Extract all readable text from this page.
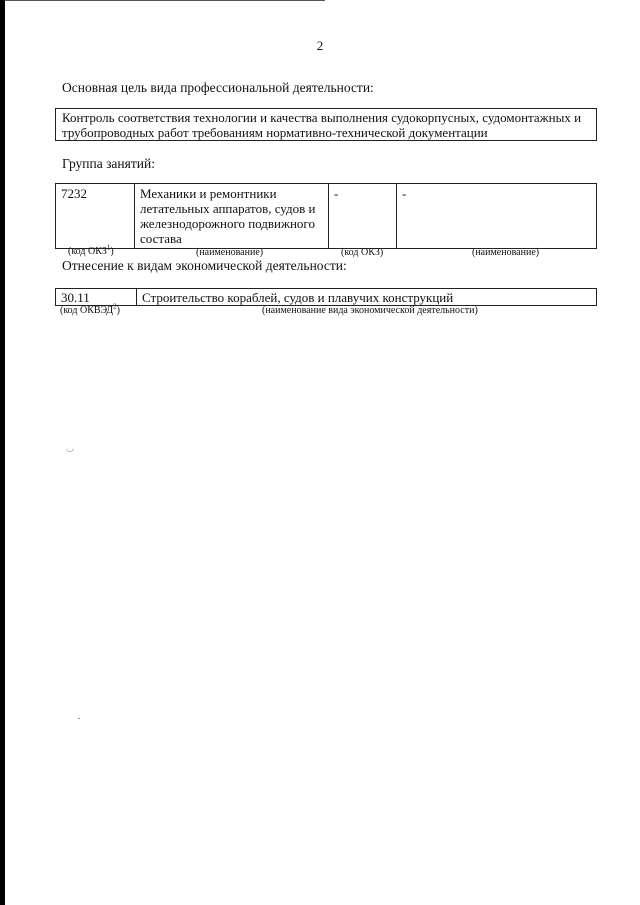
2
Основная цель вида профессиональной деятельности:
Контроль соответствия технологии и качества выполнения судокорпусных, судомонтажных и
трубопроводных работ требованиям нормативно-технической документации
Группа занятий:
7232	Механики и ремонтники летательных аппаратов, судов и железнодорожного подвижного состава	-	-
(код ОКЗ$^1$)	(наименование)	(код ОКЗ)	(наименование)
Отнесение к видам экономической деятельности:
30.11	Строительство кораблей, судов и плавучих конструкций
(код ОКВЭД$^2$)	(наименование вида экономической деятельности)
◡
